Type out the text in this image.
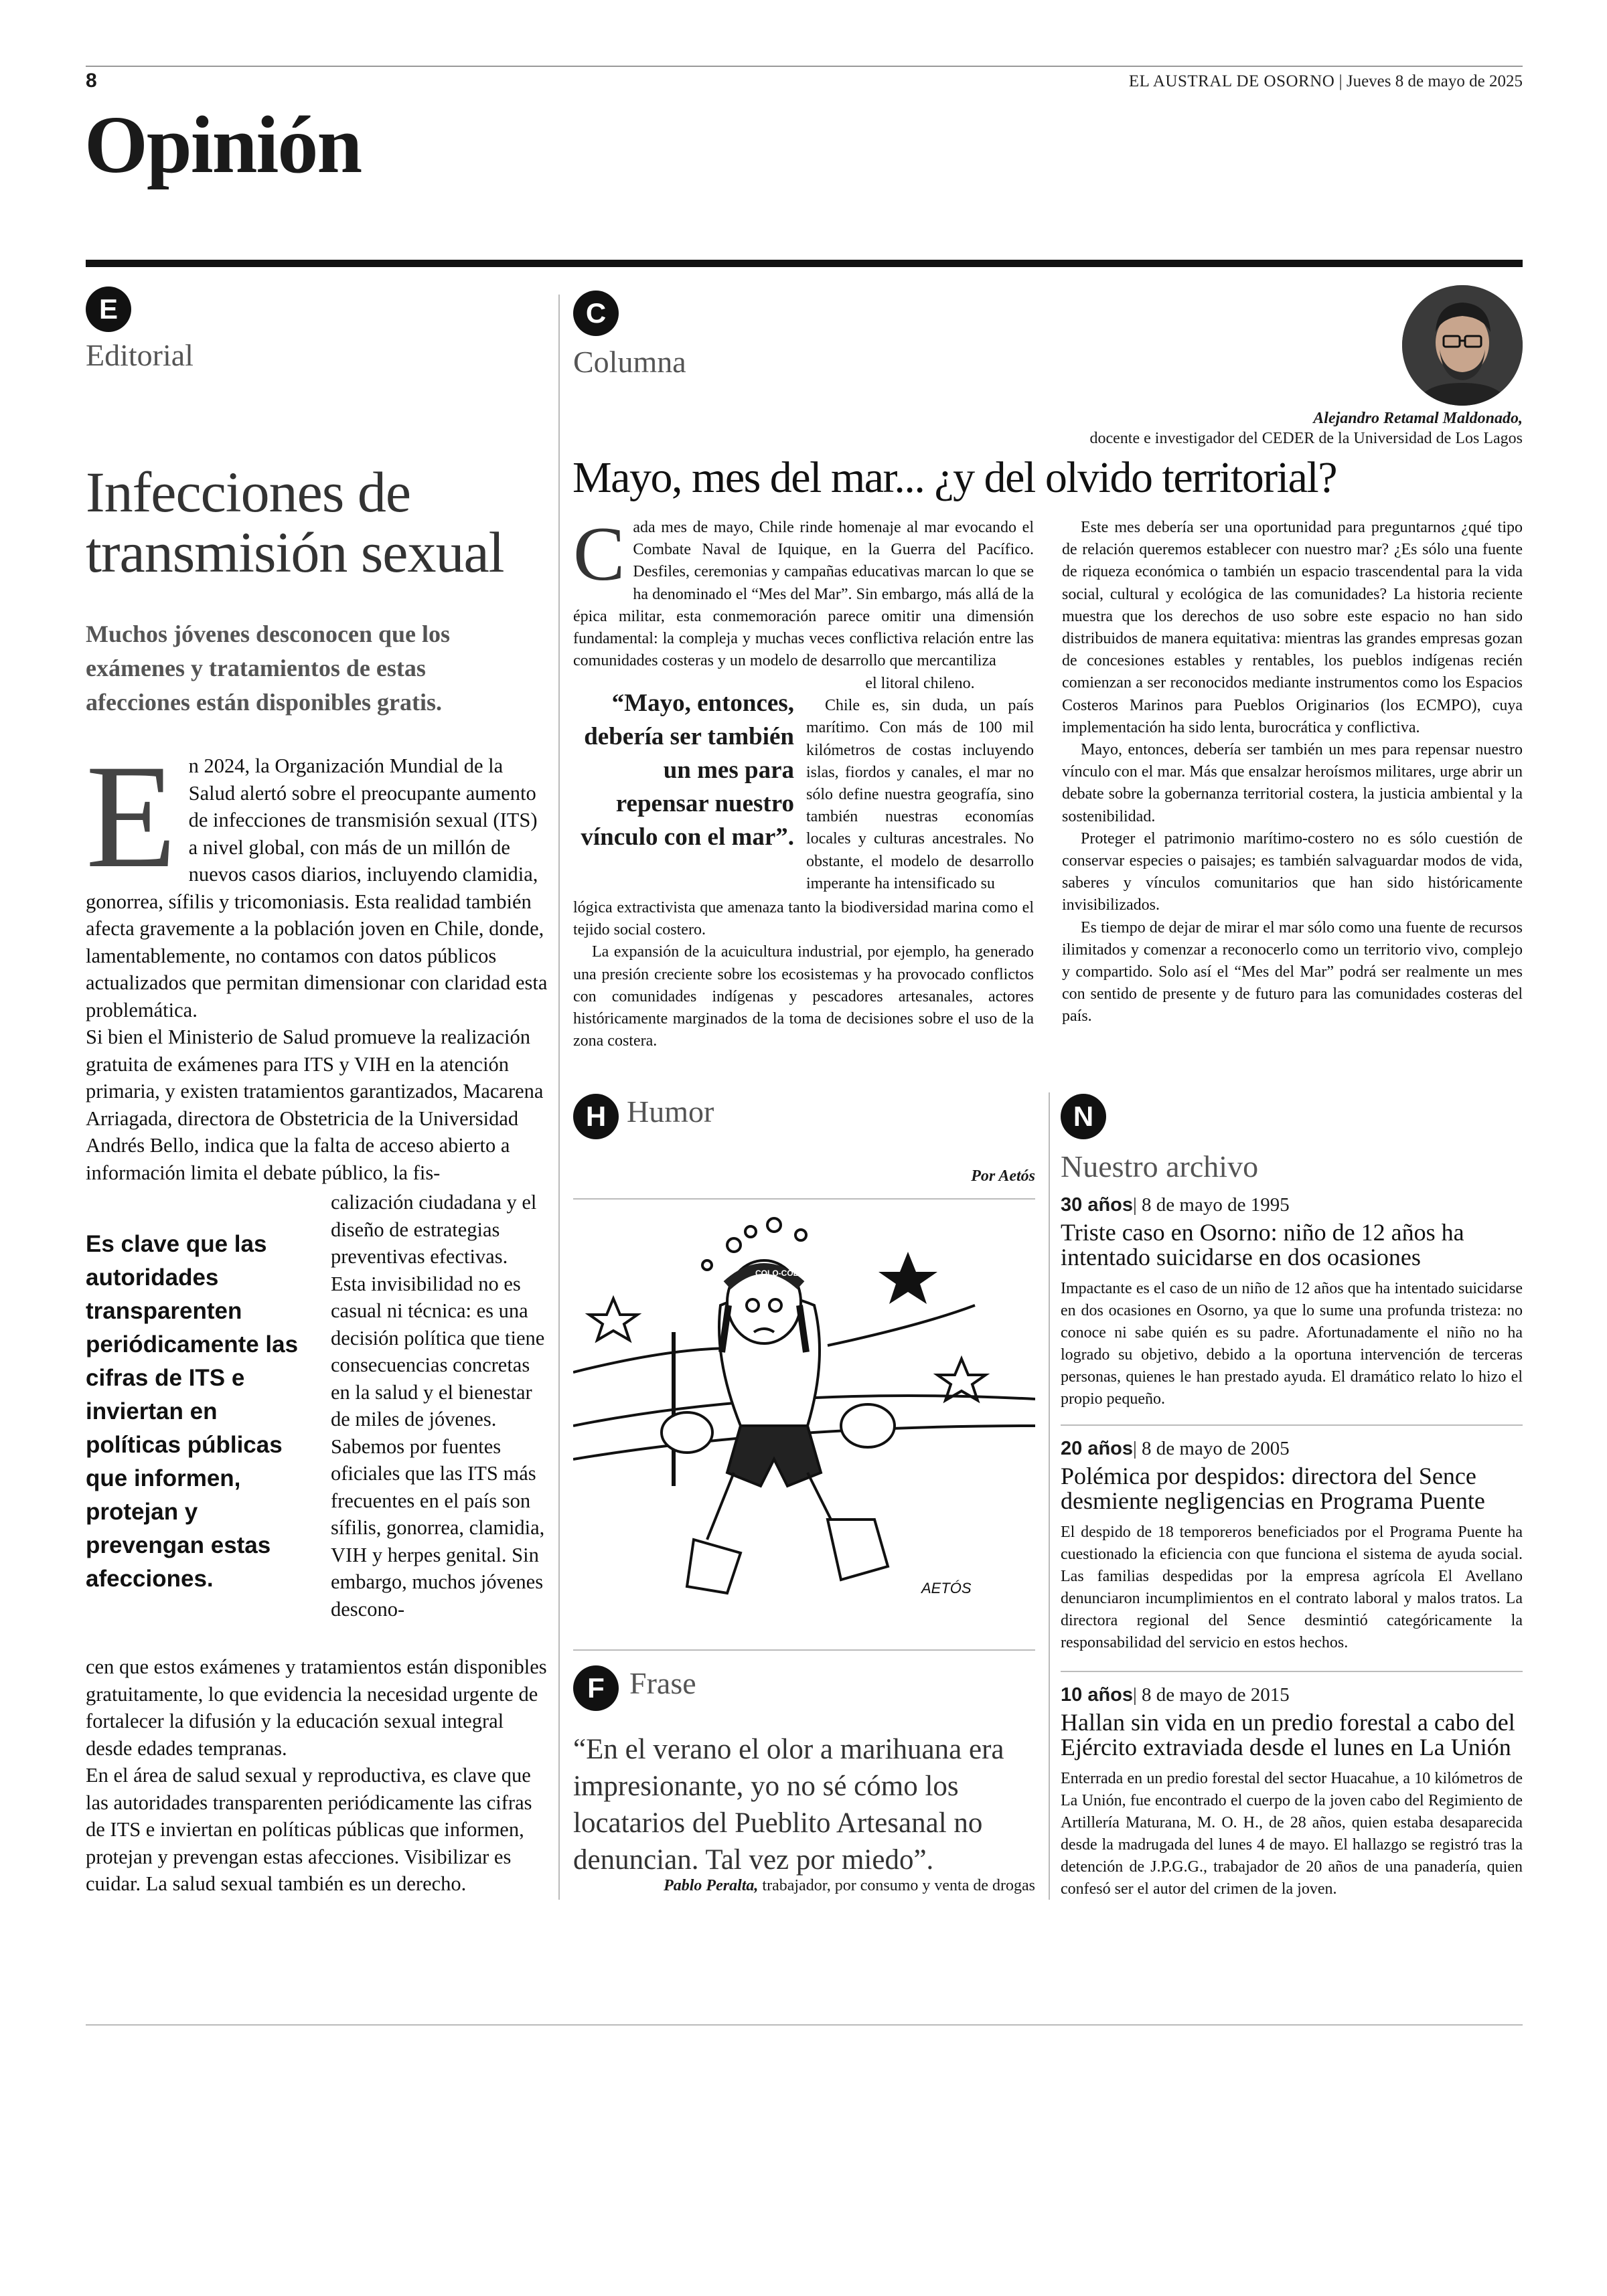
8	EL AUSTRAL DE OSORNO | Jueves 8 de mayo de 2025
Opinión
E
Editorial
Infecciones de
transmisión sexual
Muchos jóvenes desconocen que los exámenes y tratamientos de estas afecciones están disponibles gratis.
E n 2024, la Organización Mundial de la Salud alertó sobre el preocupante aumento de infecciones de transmisión sexual (ITS) a nivel global, con más de un millón de nuevos casos diarios, incluyendo clamidia, gonorrea, sífilis y tricomoniasis. Esta realidad también afecta gravemente a la población joven en Chile, donde, lamentablemente, no contamos con datos públicos actualizados que permitan dimensionar con claridad esta problemática.

Si bien el Ministerio de Salud promueve la realización gratuita de exámenes para ITS y VIH en la atención primaria, y existen tratamientos garantizados, Macarena Arriagada, directora de Obstetricia de la Universidad Andrés Bello, indica que la falta de acceso abierto a información limita el debate público, la fis-

Es clave que las autoridades transparenten periódicamente las cifras de ITS e inviertan en políticas públicas que informen, protejan y prevengan estas afecciones.

calización ciudadana y el diseño de estrategias preventivas efectivas. Esta invisibilidad no es casual ni técnica: es una decisión política que tiene consecuencias concretas en la salud y el bienestar de miles de jóvenes.

Sabemos por fuentes oficiales que las ITS más frecuentes en el país son sífilis, gonorrea, clamidia, VIH y herpes genital. Sin embargo, muchos jóvenes descono-

cen que estos exámenes y tratamientos están disponibles gratuitamente, lo que evidencia la necesidad urgente de fortalecer la difusión y la educación sexual integral desde edades tempranas.

En el área de salud sexual y reproductiva, es clave que las autoridades transparenten periódicamente las cifras de ITS e inviertan en políticas públicas que informen, protejan y prevengan estas afecciones. Visibilizar es cuidar. La salud sexual también es un derecho.

C
Columna
Alejandro Retamal Maldonado,
docente e investigador del CEDER de la Universidad de Los Lagos
Mayo, mes del mar... ¿y del olvido territorial?
C ada mes de mayo, Chile rinde homenaje al mar evocando el Combate Naval de Iquique, en la Guerra del Pacífico. Desfiles, ceremonias y campañas educativas marcan lo que se ha denominado el “Mes del Mar”. Sin embargo, más allá de la épica militar, esta conmemoración parece omitir una dimensión fundamental: la compleja y muchas veces conflictiva relación entre las comunidades costeras y un modelo de desarrollo que mercantiliza

el litoral chileno.

Chile es, sin duda, un país marítimo. Con más de 100 mil kilómetros de costas incluyendo islas, fiordos y canales, el mar no sólo define nuestra geografía, sino también nuestras economías locales y culturas ancestrales. No obstante, el modelo de desarrollo imperante ha intensificado su

“Mayo, entonces, debería ser también un mes para repensar nuestro vínculo con el mar”.

lógica extractivista que amenaza tanto la biodiversidad marina como el tejido social costero.

La expansión de la acuicultura industrial, por ejemplo, ha generado una presión creciente sobre los ecosistemas y ha provocado conflictos con comunidades indígenas y pescadores artesanales, actores históricamente marginados de la toma de decisiones sobre el uso de la zona costera.

Este mes debería ser una oportunidad para preguntarnos ¿qué tipo de relación queremos establecer con nuestro mar? ¿Es sólo una fuente de riqueza económica o también un espacio trascendental para la vida social, cultural y ecológica de las comunidades? La historia reciente muestra que los derechos de uso sobre este espacio no han sido distribuidos de manera equitativa: mientras las grandes empresas gozan de concesiones estables y rentables, los pueblos indígenas recién comienzan a ser reconocidos mediante instrumentos como los Espacios Costeros Marinos para Pueblos Originarios (los ECMPO), cuya implementación ha sido lenta, burocrática y conflictiva.

Mayo, entonces, debería ser también un mes para repensar nuestro vínculo con el mar. Más que ensalzar heroísmos militares, urge abrir un debate sobre la gobernanza territorial costera, la justicia ambiental y la sostenibilidad.

Proteger el patrimonio marítimo-costero no es sólo cuestión de conservar especies o paisajes; es también salvaguardar modos de vida, saberes y vínculos comunitarios que han sido históricamente invisibilizados.

Es tiempo de dejar de mirar el mar sólo como una fuente de recursos ilimitados y comenzar a reconocerlo como un territorio vivo, complejo y compartido. Solo así el “Mes del Mar” podrá ser realmente un mes con sentido de presente y de futuro para las comunidades costeras del país.

H Humor
Por Aetós
COLO-COLO
AETÓS
F Frase
“En el verano el olor a marihuana era impresionante, yo no sé cómo los locatarios del Pueblito Artesanal no denuncian. Tal vez por miedo”.
Pablo Peralta, trabajador, por consumo y venta de drogas
N
Nuestro archivo
30 años| 8 de mayo de 1995
Triste caso en Osorno: niño de 12 años ha intentado suicidarse en dos ocasiones
Impactante es el caso de un niño de 12 años que ha intentado suicidarse en dos ocasiones en Osorno, ya que lo sume una profunda tristeza: no conoce ni sabe quién es su padre. Afortunadamente el niño no ha logrado su objetivo, debido a la oportuna intervención de terceras personas, quienes le han prestado ayuda. El dramático relato lo hizo el propio pequeño.
20 años| 8 de mayo de 2005
Polémica por despidos: directora del Sence desmiente negligencias en Programa Puente
El despido de 18 temporeros beneficiados por el Programa Puente ha cuestionado la eficiencia con que funciona el sistema de ayuda social. Las familias despedidas por la empresa agrícola El Avellano denunciaron incumplimientos en el contrato laboral y malos tratos. La directora regional del Sence desmintió categóricamente la responsabilidad del servicio en estos hechos.
10 años| 8 de mayo de 2015
Hallan sin vida en un predio forestal a cabo del Ejército extraviada desde el lunes en La Unión
Enterrada en un predio forestal del sector Huacahue, a 10 kilómetros de La Unión, fue encontrado el cuerpo de la joven cabo del Regimiento de Artillería Maturana, M. O. H., de 28 años, quien estaba desaparecida desde la madrugada del lunes 4 de mayo. El hallazgo se registró tras la detención de J.P.G.G., trabajador de 20 años de una panadería, quien confesó ser el autor del crimen de la joven.
